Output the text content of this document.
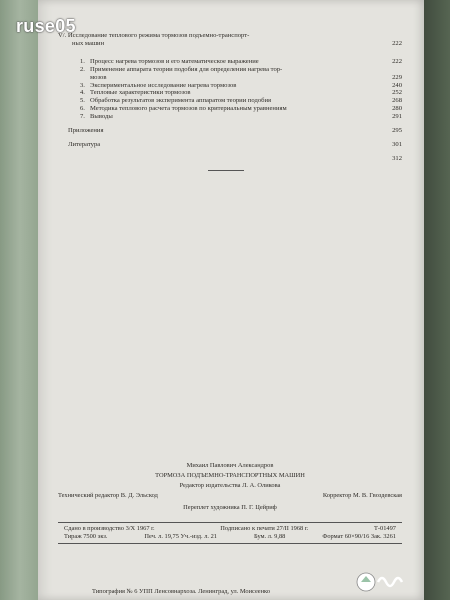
ruse05
V/. Исследование теплового режима тормозов подъемно-транспорт-
ных машин	222
1. Процесс нагрева тормозов и его математическое выражение	222
2. Применение аппарата теории подобия для определения нагрева тор-
мозов	229
3. Экспериментальное исследование нагрева тормозов	240
4. Тепловые характеристики тормозов	252
5. Обработка результатов эксперимента аппаратом теории подобия	268
6. Методика теплового расчета тормозов по критериальным уравнениям	280
7. Выводы	291
Приложения	295
Литература	301
312
Михаил Павлович Александров
ТОРМОЗА ПОДЪЕМНО-ТРАНСПОРТНЫХ МАШИН
Редактор издательства Л. А. Оликова
Технический редактор В. Д. Эльскод	Корректор М. В. Гвоздевская
Переплет художника П. Г. Цейриф
Сдано в производство 3/X 1967 г.	Подписано к печати 27/II 1968 г.	Т-01497
Тираж 7500 экз.	Печ. л. 19,75 Уч.-изд. л. 21	Бум. л. 9,88	Формат 60×90/16 Зак. 3261
Типография № 6 УПП Ленсовнархоза. Ленинград, ул. Моисеенко
